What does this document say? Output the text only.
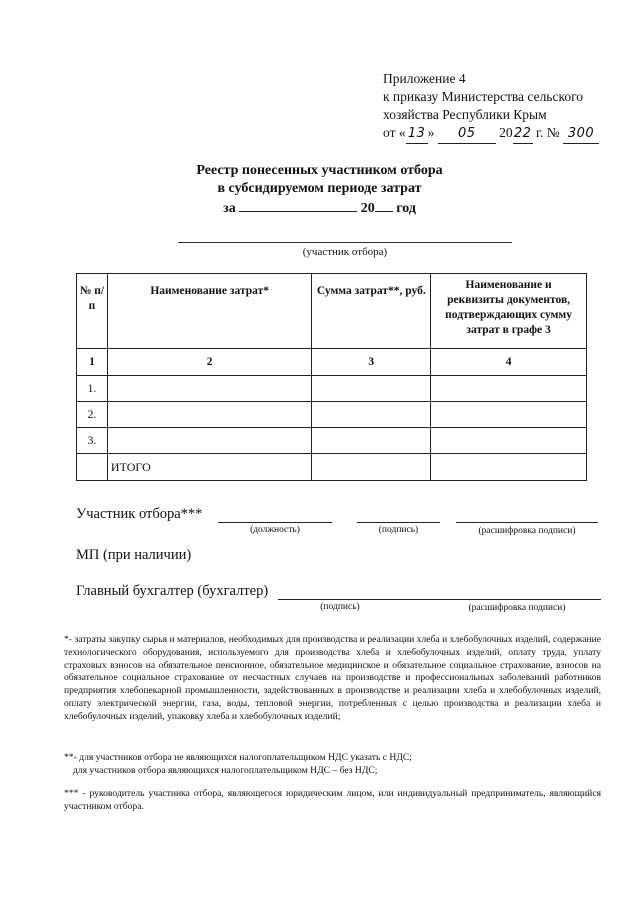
Приложение 4
к приказу Министерства сельского
хозяйства Республики Крым
от « 13 » 05 2022 г. № 300
Реестр понесенных участником отбора
в субсидируемом периоде затрат
за	20 год
(участник отбора)
№ п/п	Наименование затрат*	Сумма затрат**, руб.	Наименование и реквизиты документов, подтверждающих сумму затрат в графе 3
1	2	3	4
1.			
2.			
3.			
	ИТОГО		
Участник отбора***
(должность)	(подпись)	(расшифровка подписи)
МП (при наличии)
Главный бухгалтер (бухгалтер)
(подпись)	(расшифровка подписи)
*- затраты закупку сырья и материалов, необходимых для производства и реализации хлеба и хлебобулочных изделий, содержание технологического оборудования, используемого для производства хлеба и хлебобулочных изделий, оплату труда, уплату страховых взносов на обязательное пенсионное, обязательное медицинское и обязательное социальное страхование, взносов на обязательное социальное страхование от несчастных случаев на производстве и профессиональных заболеваний работников предприятия хлебопекарной промышленности, задействованных в производстве и реализации хлеба и хлебобулочных изделий, оплату электрической энергии, газа, воды, тепловой энергии, потребленных с целью производства и реализации хлеба и хлебобулочных изделий, упаковку хлеба и хлебобулочных изделий;
**- для участников отбора не являющихся налогоплательщиком НДС указать с НДС;
для участников отбора являющихся налогоплательщиком НДС – без НДС;
*** - руководитель участника отбора, являющегося юридическим лицом, или индивидуальный предприниматель, являющийся участником отбора.
